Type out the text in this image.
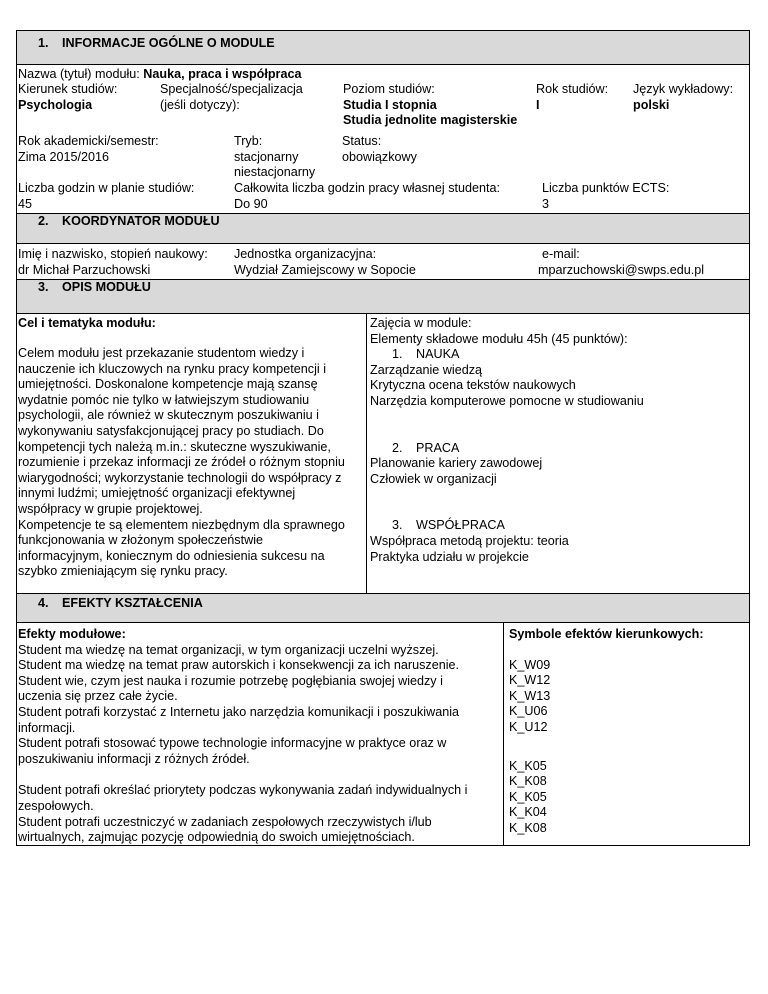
1. INFORMACJE OGÓLNE O MODULE
Nazwa (tytuł) modułu: Nauka, praca i współpraca
Kierunek studiów:
Psychologia
Specjalność/specjalizacja
(jeśli dotyczy):
Poziom studiów:
Studia I stopnia
Studia jednolite magisterskie
Rok studiów:
I
Język wykładowy:
polski
Rok akademicki/semestr:
Zima 2015/2016
Tryb:
stacjonarny
niestacjonarny
Status:
obowiązkowy
Liczba godzin w planie studiów:
45
Całkowita liczba godzin pracy własnej studenta:
Do 90
Liczba punktów ECTS:
3
2. KOORDYNATOR MODUŁU
Imię i nazwisko, stopień naukowy:
dr Michał Parzuchowski
Jednostka organizacyjna:
Wydział Zamiejscowy w Sopocie
e-mail:
mparzuchowski@swps.edu.pl
3. OPIS MODUŁU
Cel i tematyka modułu:
Celem modułu jest przekazanie studentom wiedzy i
nauczenie ich kluczowych na rynku pracy kompetencji i
umiejętności. Doskonalone kompetencje mają szansę
wydatnie pomóc nie tylko w łatwiejszym studiowaniu
psychologii, ale również w skutecznym poszukiwaniu i
wykonywaniu satysfakcjonującej pracy po studiach. Do
kompetencji tych należą m.in.: skuteczne wyszukiwanie,
rozumienie i przekaz informacji ze źródeł o różnym stopniu
wiarygodności; wykorzystanie technologii do współpracy z
innymi ludźmi; umiejętność organizacji efektywnej
współpracy w grupie projektowej.
Kompetencje te są elementem niezbędnym dla sprawnego
funkcjonowania w złożonym społeczeństwie
informacyjnym, koniecznym do odniesienia sukcesu na
szybko zmieniającym się rynku pracy.
Zajęcia w module:
Elementy składowe modułu 45h (45 punktów):
1. NAUKA
Zarządzanie wiedzą
Krytyczna ocena tekstów naukowych
Narzędzia komputerowe pomocne w studiowaniu
2. PRACA
Planowanie kariery zawodowej
Człowiek w organizacji
3. WSPÓŁPRACA
Współpraca metodą projektu: teoria
Praktyka udziału w projekcie
4. EFEKTY KSZTAŁCENIA
Efekty modułowe:
Student ma wiedzę na temat organizacji, w tym organizacji uczelni wyższej.
Student ma wiedzę na temat praw autorskich i konsekwencji za ich naruszenie.
Student wie, czym jest nauka i rozumie potrzebę pogłębiania swojej wiedzy i
uczenia się przez całe życie.
Student potrafi korzystać z Internetu jako narzędzia komunikacji i poszukiwania
informacji.
Student potrafi stosować typowe technologie informacyjne w praktyce oraz w
poszukiwaniu informacji z różnych źródeł.
Student potrafi określać priorytety podczas wykonywania zadań indywidualnych i
zespołowych.
Student potrafi uczestniczyć w zadaniach zespołowych rzeczywistych i/lub
wirtualnych, zajmując pozycję odpowiednią do swoich umiejętnościach.
Symbole efektów kierunkowych:
K_W09
K_W12
K_W13
K_U06
K_U12
K_K05
K_K08
K_K05
K_K04
K_K08
